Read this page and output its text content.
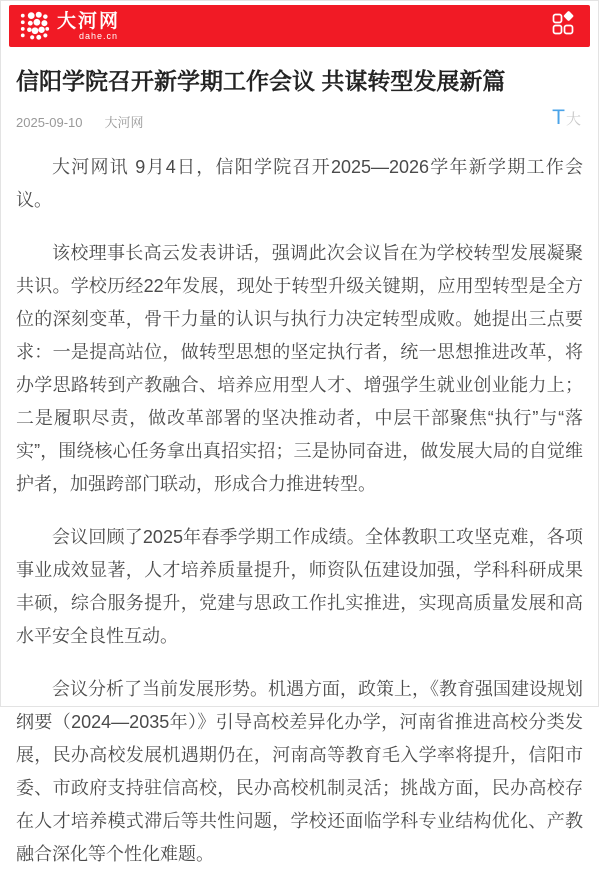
大河网
dahe.cn
信阳学院召开新学期工作会议 共谋转型发展新篇
2025-09-10 大河网	T 大

大河网讯 9月4日，信阳学院召开2025—2026学年新学期工作会议。

该校理事长高云发表讲话，强调此次会议旨在为学校转型发展凝聚共识。学校历经22年发展，现处于转型升级关键期，应用型转型是全方位的深刻变革，骨干力量的认识与执行力决定转型成败。她提出三点要求：一是提高站位，做转型思想的坚定执行者，统一思想推进改革，将办学思路转到产教融合、培养应用型人才、增强学生就业创业能力上；二是履职尽责，做改革部署的坚决推动者，中层干部聚焦“执行”与“落实”，围绕核心任务拿出真招实招；三是协同奋进，做发展大局的自觉维护者，加强跨部门联动，形成合力推进转型。

会议回顾了2025年春季学期工作成绩。全体教职工攻坚克难，各项事业成效显著，人才培养质量提升，师资队伍建设加强，学科科研成果丰硕，综合服务提升，党建与思政工作扎实推进，实现高质量发展和高水平安全良性互动。

会议分析了当前发展形势。机遇方面，政策上，《教育强国建设规划纲要（2024—2035年）》引导高校差异化办学，河南省推进高校分类发展，民办高校发展机遇期仍在，河南高等教育毛入学率将提升，信阳市委、市政府支持驻信高校，民办高校机制灵活；挑战方面，民办高校存在人才培养模式滞后等共性问题，学校还面临学科专业结构优化、产教融合深化等个性化难题。
